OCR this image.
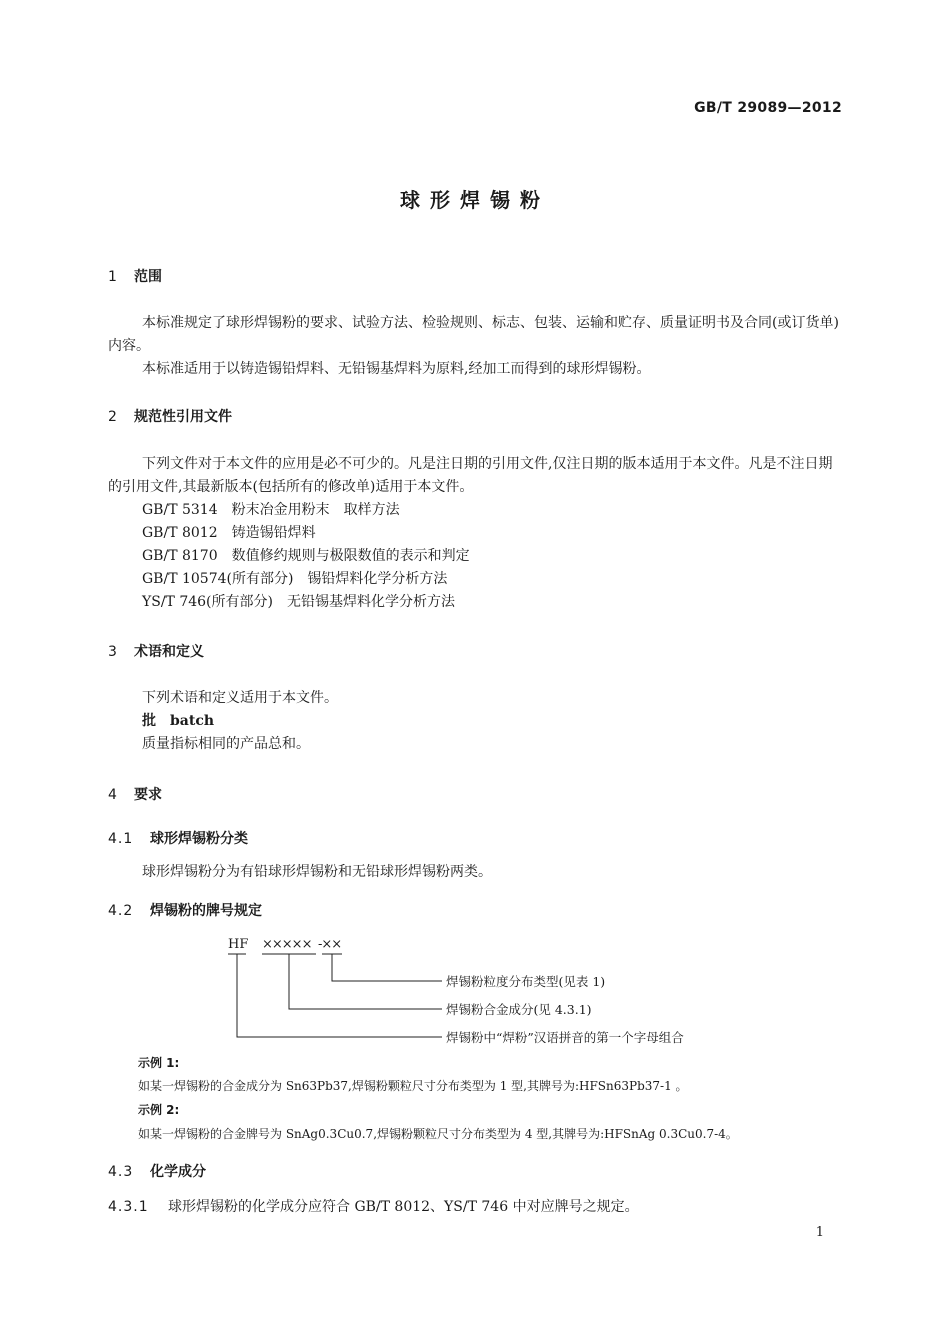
GB/T 29089—2012
球形焊锡粉
1 范围
本标准规定了球形焊锡粉的要求、试验方法、检验规则、标志、包装、运输和贮存、质量证明书及合同(或订货单)内容。
本标准适用于以铸造锡铅焊料、无铅锡基焊料为原料,经加工而得到的球形焊锡粉。
2 规范性引用文件
下列文件对于本文件的应用是必不可少的。凡是注日期的引用文件,仅注日期的版本适用于本文件。凡是不注日期的引用文件,其最新版本(包括所有的修改单)适用于本文件。
GB/T 5314　粉末冶金用粉末　取样方法
GB/T 8012　铸造锡铅焊料
GB/T 8170　数值修约规则与极限数值的表示和判定
GB/T 10574(所有部分)　锡铅焊料化学分析方法
YS/T 746(所有部分)　无铅锡基焊料化学分析方法
3 术语和定义
下列术语和定义适用于本文件。
批　batch
质量指标相同的产品总和。
4 要求
4.1 球形焊锡粉分类
球形焊锡粉分为有铅球形焊锡粉和无铅球形焊锡粉两类。
4.2 焊锡粉的牌号规定
HF ××××× -××
焊锡粉粒度分布类型(见表 1)
焊锡粉合金成分(见 4.3.1)
焊锡粉中“焊粉”汉语拼音的第一个字母组合
示例 1:
如某一焊锡粉的合金成分为 Sn63Pb37,焊锡粉颗粒尺寸分布类型为 1 型,其牌号为:HFSn63Pb37-1 。
示例 2:
如某一焊锡粉的合金牌号为 SnAg0.3Cu0.7,焊锡粉颗粒尺寸分布类型为 4 型,其牌号为:HFSnAg 0.3Cu0.7-4。
4.3 化学成分
4.3.1 球形焊锡粉的化学成分应符合 GB/T 8012、YS/T 746 中对应牌号之规定。
1
